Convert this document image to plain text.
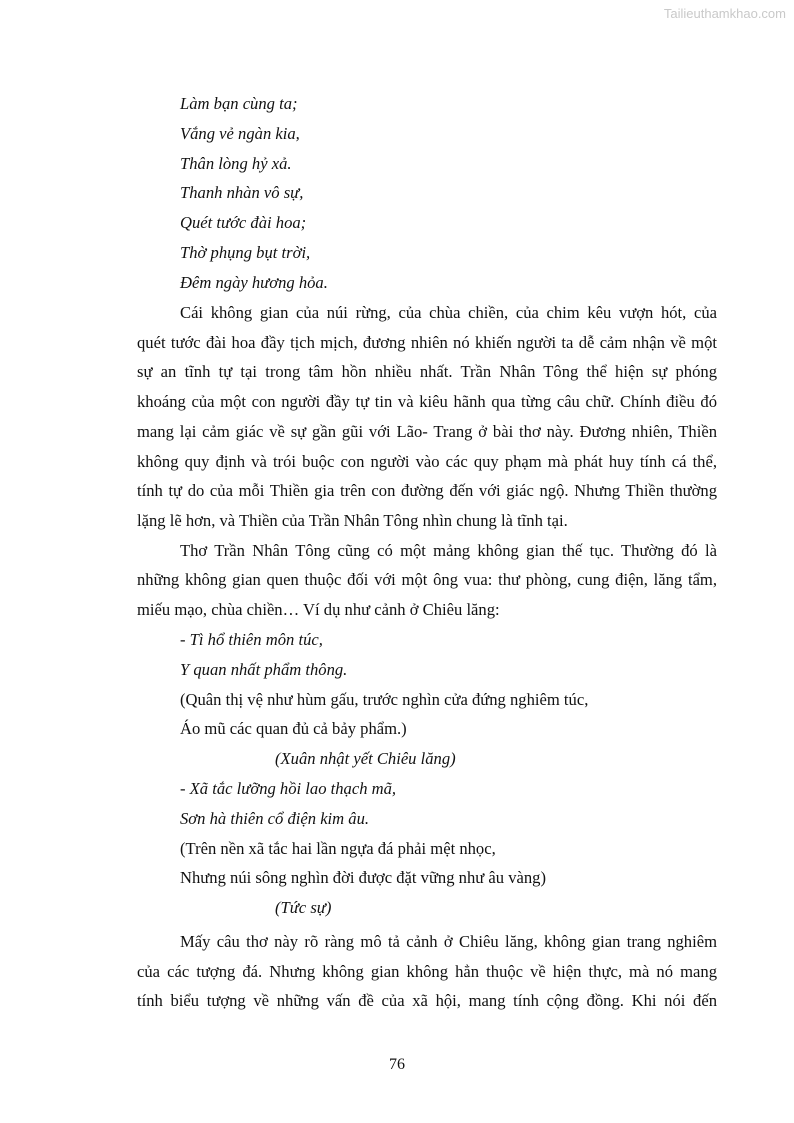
Tailieuthamkhao.com
Làm bạn cùng ta;
Vắng vẻ ngàn kia,
Thân lòng hỷ xả.
Thanh nhàn vô sự,
Quét tước đài hoa;
Thờ phụng bụt trời,
Đêm ngày hương hỏa.
Cái không gian của núi rừng, của chùa chiền, của chim kêu vượn hót, của
quét tước đài hoa đầy tịch mịch, đương nhiên nó khiến người ta dễ cảm nhận về một
sự an tĩnh tự tại trong tâm hồn nhiều nhất. Trần Nhân Tông thể hiện sự phóng
khoáng của một con người đầy tự tin và kiêu hãnh qua từng câu chữ. Chính điều đó
mang lại cảm giác về sự gần gũi với Lão- Trang ở bài thơ này. Đương nhiên, Thiền
không quy định và trói buộc con người vào các quy phạm mà phát huy tính cá thể,
tính tự do của mỗi Thiền gia trên con đường đến với giác ngộ. Nhưng Thiền thường
lặng lẽ hơn, và Thiền của Trần Nhân Tông nhìn chung là tĩnh tại.
Thơ Trần Nhân Tông cũng có một mảng không gian thế tục. Thường đó là
những không gian quen thuộc đối với một ông vua: thư phòng, cung điện, lăng tẩm,
miếu mạo, chùa chiền… Ví dụ như cảnh ở Chiêu lăng:
- Tì hổ thiên môn túc,
Y quan nhất phẩm thông.
(Quân thị vệ như hùm gấu, trước nghìn cửa đứng nghiêm túc,
Áo mũ các quan đủ cả bảy phẩm.)
(Xuân nhật yết Chiêu lăng)
- Xã tắc lưỡng hồi lao thạch mã,
Sơn hà thiên cổ điện kim âu.
(Trên nền xã tắc hai lần ngựa đá phải mệt nhọc,
Nhưng núi sông nghìn đời được đặt vững như âu vàng)
(Tức sự)
Mấy câu thơ này rõ ràng mô tả cảnh ở Chiêu lăng, không gian trang nghiêm
của các tượng đá. Nhưng không gian không hẳn thuộc về hiện thực, mà nó mang
tính biểu tượng về những vấn đề của xã hội, mang tính cộng đồng. Khi nói đến
76
